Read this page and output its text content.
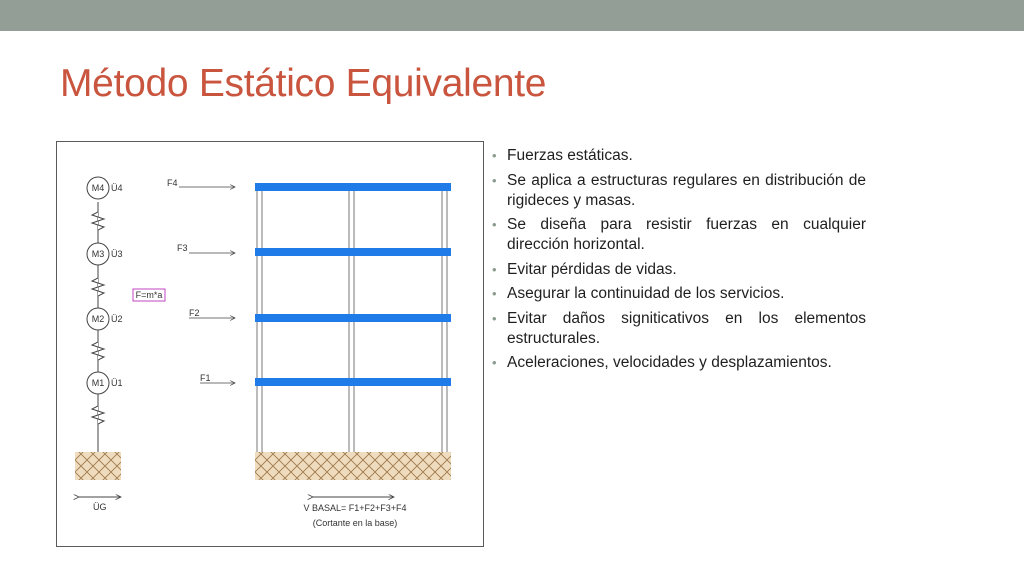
Método Estático Equivalente
M4 Ü4
M3 Ü3
M2 Ü2
M1 Ü1
F=m*a
ÜG
F4
F3
F2
F1
V BASAL= F1+F2+F3+F4
(Cortante en la base)
• Fuerzas estáticas.
• Se aplica a estructuras regulares en distribución de rigideces y masas.
• Se diseña para resistir fuerzas en cualquier dirección horizontal.
• Evitar pérdidas de vidas.
• Asegurar la continuidad de los servicios.
• Evitar daños signiticativos en los elementos estructurales.
• Aceleraciones, velocidades y desplazamientos.
